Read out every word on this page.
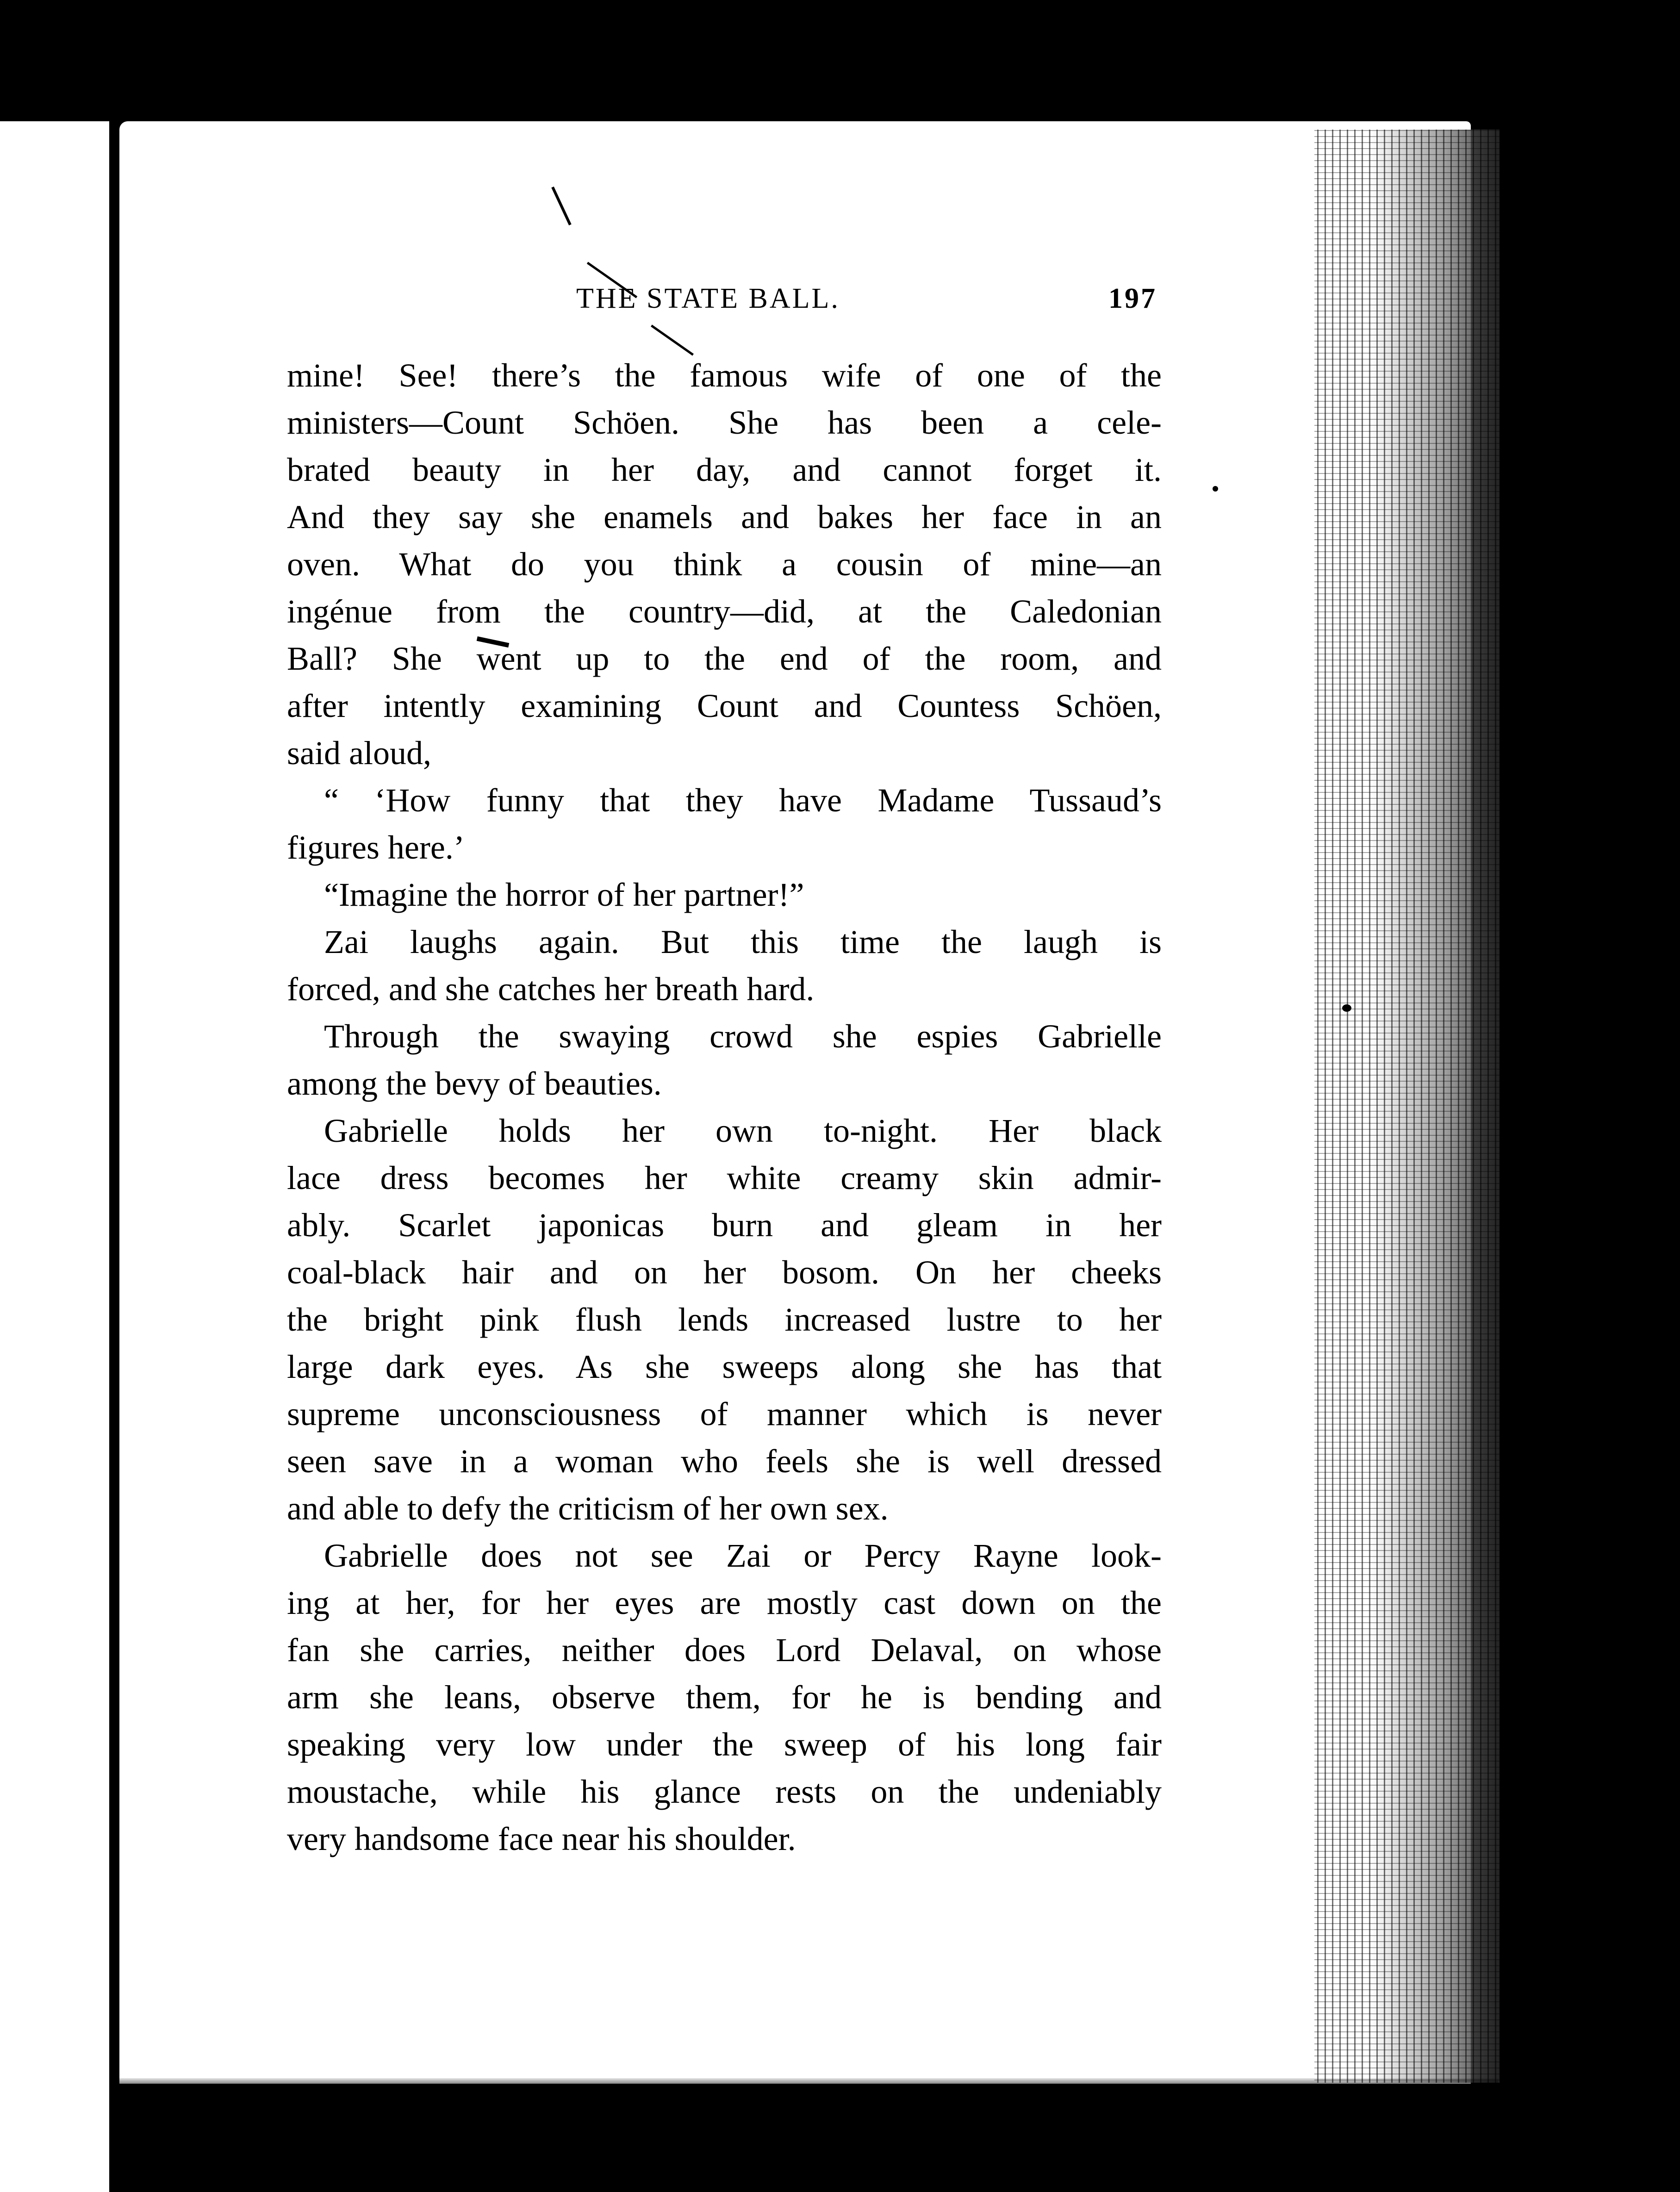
THE STATE BALL.	197
mine! See! there’s the famous wife of one of the
ministers—Count Schöen. She has been a cele-
brated beauty in her day, and cannot forget it.
And they say she enamels and bakes her face in an
oven. What do you think a cousin of mine—an
ingénue from the country—did, at the Caledonian
Ball? She went up to the end of the room, and
after intently examining Count and Countess Schöen,
said aloud,
“ ‘How funny that they have Madame Tussaud’s
figures here.’
“Imagine the horror of her partner!”
Zai laughs again. But this time the laugh is
forced, and she catches her breath hard.
Through the swaying crowd she espies Gabrielle
among the bevy of beauties.
Gabrielle holds her own to-night. Her black
lace dress becomes her white creamy skin admir-
ably. Scarlet japonicas burn and gleam in her
coal-black hair and on her bosom. On her cheeks
the bright pink flush lends increased lustre to her
large dark eyes. As she sweeps along she has that
supreme unconsciousness of manner which is never
seen save in a woman who feels she is well dressed
and able to defy the criticism of her own sex.
Gabrielle does not see Zai or Percy Rayne look-
ing at her, for her eyes are mostly cast down on the
fan she carries, neither does Lord Delaval, on whose
arm she leans, observe them, for he is bending and
speaking very low under the sweep of his long fair
moustache, while his glance rests on the undeniably
very handsome face near his shoulder.
